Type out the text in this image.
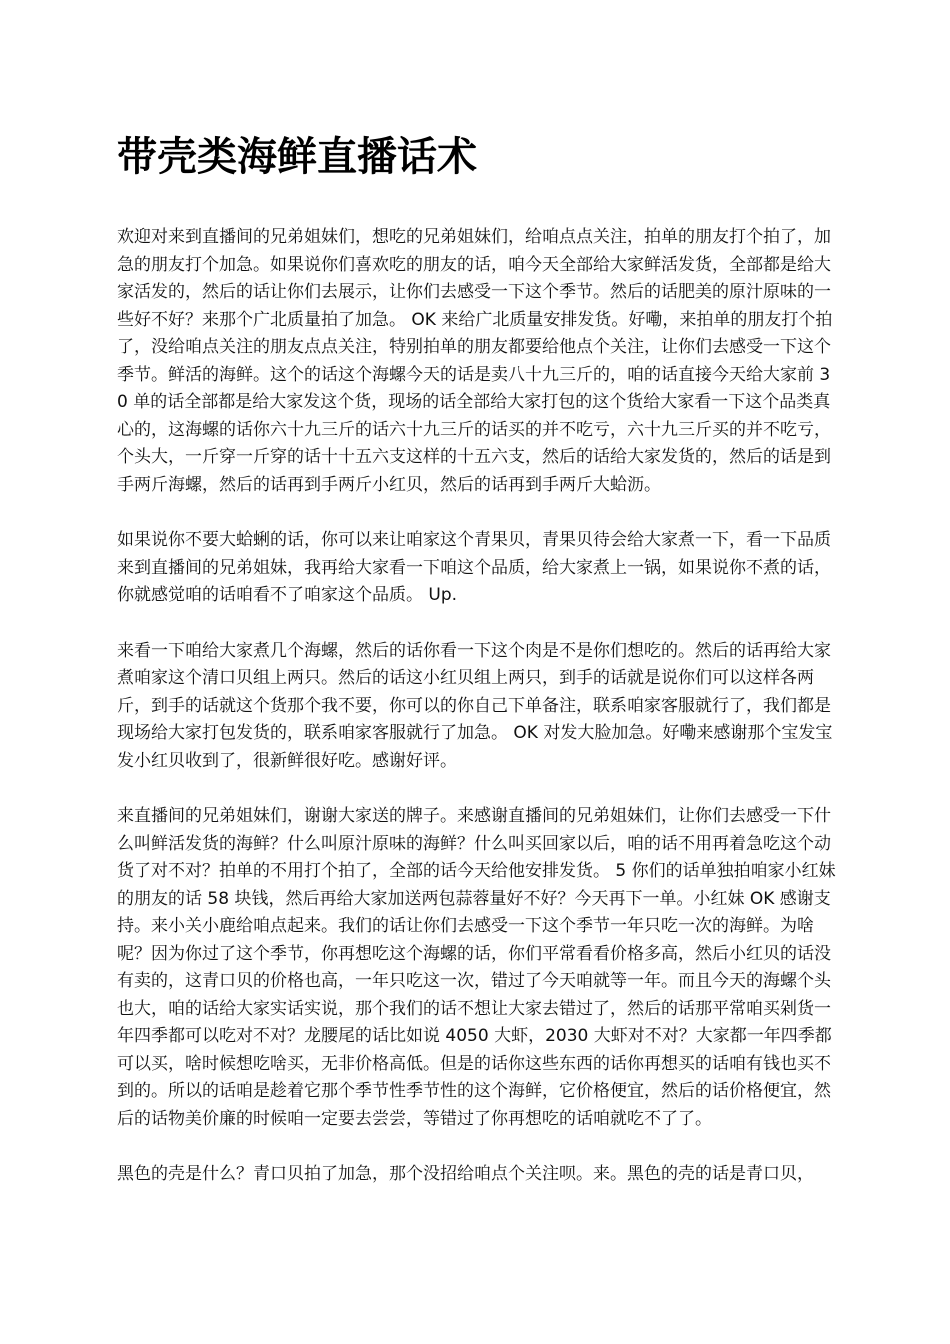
带壳类海鲜直播话术

欢迎对来到直播间的兄弟姐妹们，想吃的兄弟姐妹们，给咱点点关注，拍单的朋友打个拍了，加急的朋友打个加急。如果说你们喜欢吃的朋友的话，咱今天全部给大家鲜活发货，全部都是给大家活发的，然后的话让你们去展示，让你们去感受一下这个季节。然后的话肥美的原汁原味的一些好不好？来那个广北质量拍了加急。 OK 来给广北质量安排发货。好嘞，来拍单的朋友打个拍了，没给咱点关注的朋友点点关注，特别拍单的朋友都要给他点个关注，让你们去感受一下这个季节。鲜活的海鲜。这个的话这个海螺今天的话是卖八十九三斤的，咱的话直接今天给大家前 30 单的话全部都是给大家发这个货，现场的话全部给大家打包的这个货给大家看一下这个品类真心的，这海螺的话你六十九三斤的话六十九三斤的话买的并不吃亏，六十九三斤买的并不吃亏，个头大，一斤穿一斤穿的话十十五六支这样的十五六支，然后的话给大家发货的，然后的话是到手两斤海螺，然后的话再到手两斤小红贝，然后的话再到手两斤大蛤沥。

如果说你不要大蛤蜊的话，你可以来让咱家这个青果贝，青果贝待会给大家煮一下，看一下品质来到直播间的兄弟姐妹，我再给大家看一下咱这个品质，给大家煮上一锅，如果说你不煮的话，你就感觉咱的话咱看不了咱家这个品质。 Up.

来看一下咱给大家煮几个海螺，然后的话你看一下这个肉是不是你们想吃的。然后的话再给大家煮咱家这个清口贝组上两只。然后的话这小红贝组上两只，到手的话就是说你们可以这样各两斤，到手的话就这个货那个我不要，你可以的你自己下单备注，联系咱家客服就行了，我们都是现场给大家打包发货的，联系咱家客服就行了加急。 OK 对发大脸加急。好嘞来感谢那个宝发宝发小红贝收到了，很新鲜很好吃。感谢好评。

来直播间的兄弟姐妹们，谢谢大家送的牌子。来感谢直播间的兄弟姐妹们，让你们去感受一下什么叫鲜活发货的海鲜？什么叫原汁原味的海鲜？什么叫买回家以后，咱的话不用再着急吃这个动货了对不对？拍单的不用打个拍了，全部的话今天给他安排发货。 5 你们的话单独拍咱家小红妹的朋友的话 58 块钱，然后再给大家加送两包蒜蓉量好不好？今天再下一单。小红妹 OK 感谢支持。来小关小鹿给咱点起来。我们的话让你们去感受一下这个季节一年只吃一次的海鲜。为啥呢？因为你过了这个季节，你再想吃这个海螺的话，你们平常看看价格多高，然后小红贝的话没有卖的，这青口贝的价格也高，一年只吃这一次，错过了今天咱就等一年。而且今天的海螺个头也大，咱的话给大家实话实说，那个我们的话不想让大家去错过了，然后的话那平常咱买剁货一年四季都可以吃对不对？龙腰尾的话比如说 4050 大虾，2030 大虾对不对？大家都一年四季都可以买，啥时候想吃啥买，无非价格高低。但是的话你这些东西的话你再想买的话咱有钱也买不到的。所以的话咱是趁着它那个季节性季节性的这个海鲜，它价格便宜，然后的话价格便宜，然后的话物美价廉的时候咱一定要去尝尝，等错过了你再想吃的话咱就吃不了了。

黑色的壳是什么？青口贝拍了加急，那个没招给咱点个关注呗。来。黑色的壳的话是青口贝，
